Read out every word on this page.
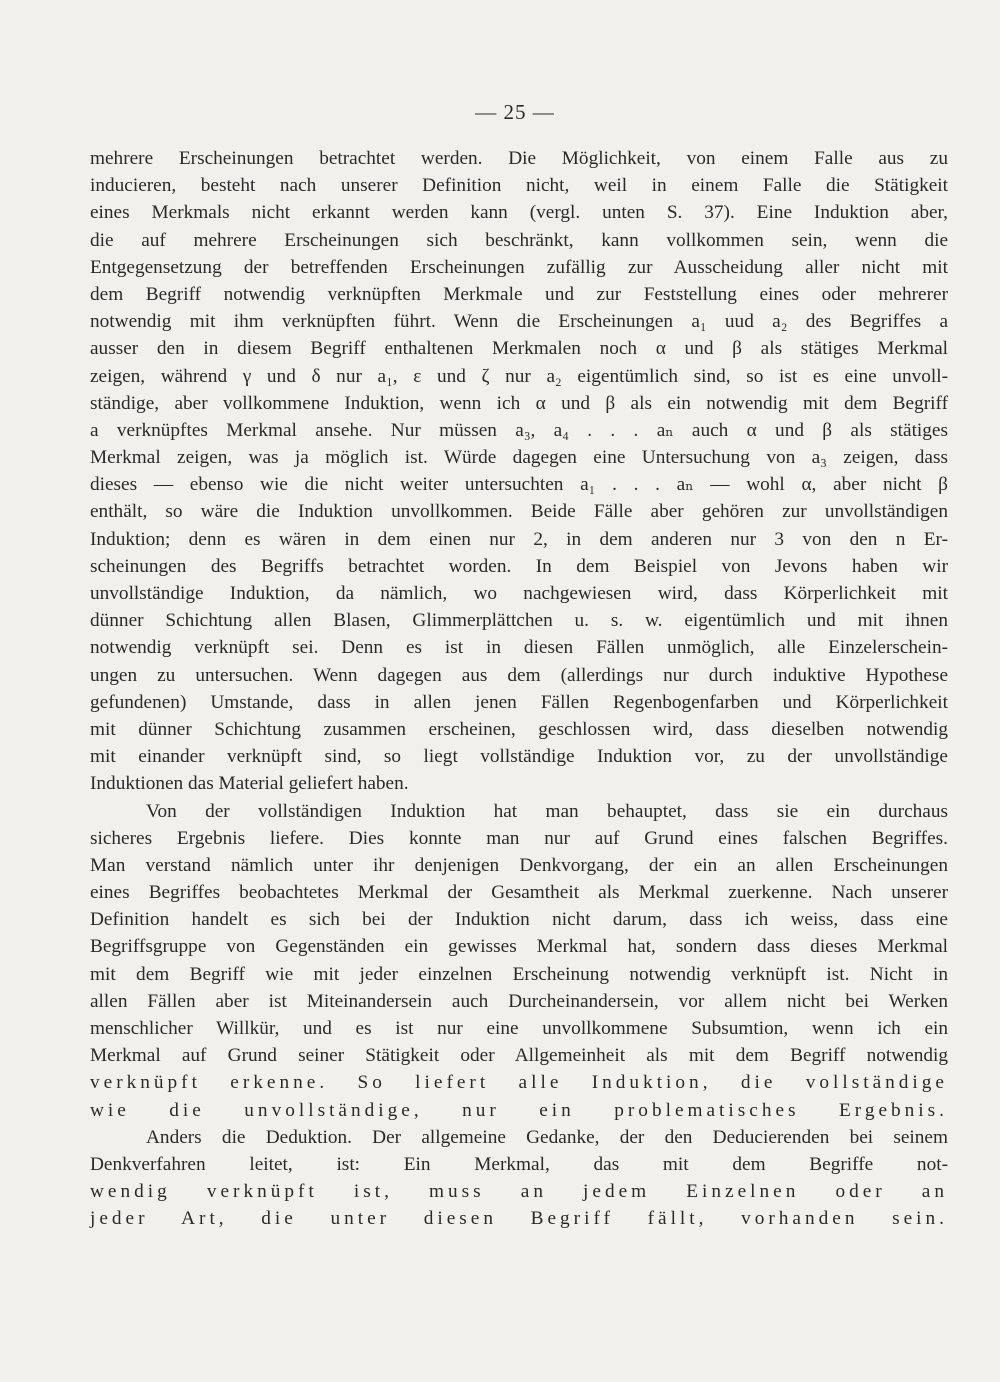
— 25 —
mehrere Erscheinungen betrachtet werden. Die Möglichkeit, von einem Falle aus zu
inducieren, besteht nach unserer Definition nicht, weil in einem Falle die Stätigkeit
eines Merkmals nicht erkannt werden kann (vergl. unten S. 37). Eine Induktion aber,
die auf mehrere Erscheinungen sich beschränkt, kann vollkommen sein, wenn die
Entgegensetzung der betreffenden Erscheinungen zufällig zur Ausscheidung aller nicht mit
dem Begriff notwendig verknüpften Merkmale und zur Feststellung eines oder mehrerer
notwendig mit ihm verknüpften führt. Wenn die Erscheinungen a₁ uud a₂ des Begriffes a
ausser den in diesem Begriff enthaltenen Merkmalen noch α und β als stätiges Merkmal
zeigen, während γ und δ nur a₁, ε und ζ nur a₂ eigentümlich sind, so ist es eine unvoll-
ständige, aber vollkommene Induktion, wenn ich α und β als ein notwendig mit dem Begriff
a verknüpftes Merkmal ansehe. Nur müssen a₃, a₄ . . . aₙ auch α und β als stätiges
Merkmal zeigen, was ja möglich ist. Würde dagegen eine Untersuchung von a₃ zeigen, dass
dieses — ebenso wie die nicht weiter untersuchten a₁ . . . aₙ — wohl α, aber nicht β
enthält, so wäre die Induktion unvollkommen. Beide Fälle aber gehören zur unvollständigen
Induktion; denn es wären in dem einen nur 2, in dem anderen nur 3 von den n Er-
scheinungen des Begriffs betrachtet worden. In dem Beispiel von Jevons haben wir
unvollständige Induktion, da nämlich, wo nachgewiesen wird, dass Körperlichkeit mit
dünner Schichtung allen Blasen, Glimmerplättchen u. s. w. eigentümlich und mit ihnen
notwendig verknüpft sei. Denn es ist in diesen Fällen unmöglich, alle Einzelerschein-
ungen zu untersuchen. Wenn dagegen aus dem (allerdings nur durch induktive Hypothese
gefundenen) Umstande, dass in allen jenen Fällen Regenbogenfarben und Körperlichkeit
mit dünner Schichtung zusammen erscheinen, geschlossen wird, dass dieselben notwendig
mit einander verknüpft sind, so liegt vollständige Induktion vor, zu der unvollständige
Induktionen das Material geliefert haben.
Von der vollständigen Induktion hat man behauptet, dass sie ein durchaus
sicheres Ergebnis liefere. Dies konnte man nur auf Grund eines falschen Begriffes.
Man verstand nämlich unter ihr denjenigen Denkvorgang, der ein an allen Erscheinungen
eines Begriffes beobachtetes Merkmal der Gesamtheit als Merkmal zuerkenne. Nach unserer
Definition handelt es sich bei der Induktion nicht darum, dass ich weiss, dass eine
Begriffsgruppe von Gegenständen ein gewisses Merkmal hat, sondern dass dieses Merkmal
mit dem Begriff wie mit jeder einzelnen Erscheinung notwendig verknüpft ist. Nicht in
allen Fällen aber ist Miteinandersein auch Durcheinandersein, vor allem nicht bei Werken
menschlicher Willkür, und es ist nur eine unvollkommene Subsumtion, wenn ich ein
Merkmal auf Grund seiner Stätigkeit oder Allgemeinheit als mit dem Begriff notwendig
verknüpft erkenne. So liefert alle Induktion, die vollständige
wie die unvollständige, nur ein problematisches Ergebnis.
Anders die Deduktion. Der allgemeine Gedanke, der den Deducierenden bei seinem
Denkverfahren leitet, ist: Ein Merkmal, das mit dem Begriffe not-
wendig verknüpft ist, muss an jedem Einzelnen oder an
jeder Art, die unter diesen Begriff fällt, vorhanden sein.
